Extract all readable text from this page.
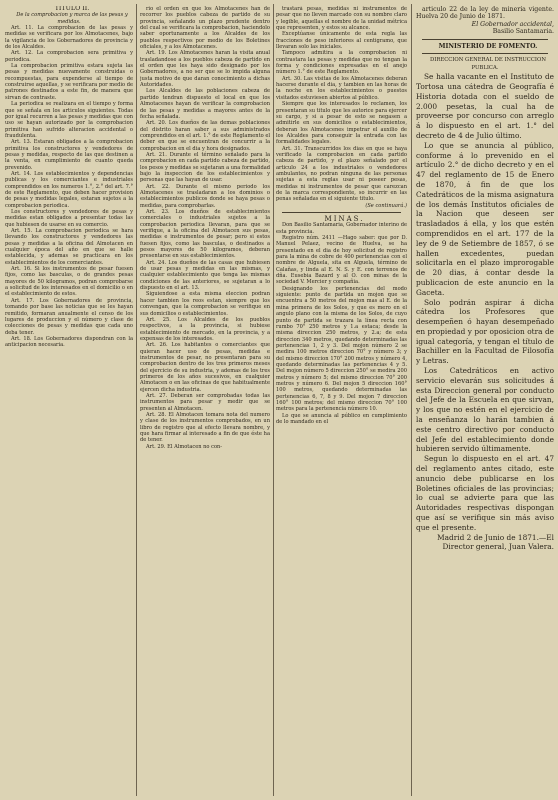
TITULO II.

De la comprobacion y marca de las pesas y medidas.

Art. 11. La comprobacion de las pesas y medidas se verificara por los Almotacenes, bajo la vigilancia de los Gobernadores de provincia y de los Alcaldes.

Art. 12. La comprobacion sera primitiva y periodica.

La comprobacion primitiva estara sujeta las pesas y medidas nuevamente construidas o recompuestas, para expenderse al tiempo de construirse aquellas, y se verificara por medio de patrones destinados a este fin, de manera que sirvan de contraste.

La periodica se realizara en el tiempo y forma que se señala en los articulos siguientes. Todas por igual recurren a las pesas y medidas que con uso se hayan autorizado por la comprobacion primitiva han sufrido alteracion accidental o fraudulenta.

Art. 13. Estaran obligados a la comprobacion primitiva los constructores y vendedores de pesas y medidas, respecto de las que destinen a la venta, en cumplimiento de cuanto queda prevenido.

Art. 14. Los establecimientos y dependencias publicas y los comerciantes e industriales comprendidos en los numeros 1.°, 2.° del art. 7.° de este Reglamento, que deben hacer provision de pesas y medidas legales, estaran sujetos a la comprobacion periodica.

Los constructores y vendedores de pesas y medidas estan obligados a presentar todas las que hubiesen de usarse en su comercio.

Art. 15. La comprobacion periodica se hara llevando los constructores y vendedores las pesas y medidas a la oficina del Almotacen en cualquier época del año en que se halle establecida, y ademas se practicara en los establecimientos de los comerciantes.

Art. 16. Si los instrumentos de pesar fuesen fijos, como las basculas, o de grandes pesas mayores de 50 kilogramos, podran comprobarse a solicitud de los interesados en el domicilio o en el establecimiento de estos.

Art. 17. Los Gobernadores de provincia, tomando por base las noticias que se les hayan remitido, formaran anualmente el censo de los lugares de produccion y el número y clase de colecciones de pesas y medidas que cada uno deba tener.

Art. 18. Los Gobernadores dispondran con la anticipacion necesaria.

rio el orden en que los Almotacenes han de recorrer los pueblos cabeza de partido de su provincia, señalando un plazo prudente dentro del cual se verificara la comprobacion, haciendolo saber oportunamente a los Alcaldes de los pueblos respectivos por medio de los Boletines oficiales, y a los Almotacenes.

Art. 19. Los Almotacenes haran la visita anual trasladandose a los pueblos cabeza de partido en el orden que les haya sido designado por los Gobernadores, a no ser que se lo impida alguna justa motivo de que daran conocimiento a dichas Autoridades.

Los Alcaldes de las poblaciones cabeza de partido tendran dispuesto el local en que los Almotacenes hayan de verificar la comprobacion de las pesas y medidas a mayores antes de la fecha señalada.

Art. 20. Los dueños de las demas poblaciones del distrito haran saber a sus administrados comprendidos en el art. 1.° de este Reglamento el deber en que se encuentran de concurrir a la comprobacion en el dia y hora designados.

Art. 21. Durante el término señalado para la comprobacion en cada partido cabeza de partido, los pesos y medidas se sujetaran a una formalidad bajo la inspeccion de los establecimientos y personas que las hayan de usar.

Art. 22. Durante el mismo periodo los Almotacenes se trasladaran a los dominios o establecimientos publicos donde se haya pesas o medidas, para comprobarlas.

Art. 23. Los dueños de establecimientos comerciales o industriales sujetos a la comprobacion periodica llevaran, para que se verifique, a la oficina del Almotacen sus pesas, medidas e instrumentos de pesar; pero si estos fuesen fijos, como las basculas, o destinados a pesos mayores de 50 kilogramos, deberan presentarse en sus establecimientos.

Art. 24. Los dueños de las casas que hubiesen de usar pesas y medidas en las mismas, y cualquier establecimiento que tenga las mismas condiciones de las anteriores, se sujetaran a lo dispuesto en el art. 13.

Siguiendose a esta misma eleccion podran hacer tambien los reos estan, siempre que los convengan, que la comprobacion se verifique en sus domicilios o establecimientos.

Art. 25. Los Alcaldes de los pueblos respectivos, a la provincia, si hubiese establecimiento de mercado, en la provincia, y a expensas de los interesados.

Art. 26. Los habitantes o comerciantes que quieran hacer uso de pesas, medidas e instrumentos de pesar, no presentaran para su comprobacion dentro de los tres primeros meses del ejercicio de su industria, y ademas de los tres primeros de los años sucesivos, en cualquier Almotacen o en las oficinas de que habitualmente ejercen dicha industria.

Art. 27. Deberan ser comprobadas todas las instrumentos para pesar y medir que se presenten al Almotacen.

Art. 28. El Almotacen tomara nota del numero y clase de los instrumentos comprobados, en un libro de registro que al efecto llevara nombre, y que hara firmar al interesado a fin de que éste ha de tener.

Art. 29. El Almotacen no con-

trastará pesas, medidas ni instrumentos de pesar que no lleven marcado con su nombre claro y legible, aquellas el nombre de la unidad métrica que representen, y estos su alcance.

Exceptúanse únicamente de esta regla las fracciones de peso inferiores al centigramo, que llevaran solo las iniciales.

Tampoco admitira a la comprobacion ni contrastara las pesas y medidas que no tengan la forma y condiciones expresadas en el anejo número 1.° de este Reglamento.

Art. 30. Las visitas de los Almotacenes deberan hacerse durante el dia, y tambien en las horas de la noche en los establecimientos o puestos visitados estuviesen abiertos al público.

Siempre que los interesados lo reclamen, los presentaran su titulo que les autorice para ejercer su cargo, y si a pesar de esto se negasen a admitirle en sus domicilios o establecimientos, deberan los Almotacenes impetrar el auxilio de los Alcaldes para conseguir la entrada con las formalidades legales.

Art. 31. Transcurridos los dias en que se haya verificado la comprobacion en cada partido cabeza de partido, y el plazo señalado por el articulo 24 a los industriales o vendedores ambulantes, no podran ninguna de las personas sujetas a esta reglas usar ni poseer pesas, medidas ni instrumentos de pesar que carezcan de la marca correspondiente, so incurrir en las penas señaladas en el siguiente titulo.

(Se continuará.)

MINAS.

Don Basilio Santamaria, Gobernador interino de esta provincia.

Registro núm. 2411 —Hago saber: que por D. Manuel Pelaez, vecino de Huelva, se ha presentado en el dia de hoy solicitud de registro para la mina de cobre de 400 pertenencias con el nombre de Alguela, sita en Alguela, término de Calañas, y linda al E. N. S. y E. con terrenos de dña. Eusebia Bazard y al O. con minas de la sociedad V. Mercier y compañia.

Designando los pertenencias del modo siguiente: punto de partida un mojon que se encuentra a 50 metros del mojon mas al E. de la mina primera de los Solos, y que es mero en el angulo plano con la misma de los Solos, de cuyo punto de partida se trazara la línea recta con rumbo 70° 250 metros y 1.a estaca; desde la misma direccion 250 metros, y 2.a; de esta direccion 340 metros, quedando determinadas las pertenencias 1, 2 y 3. Del mojon número 2 se medira 100 metros direccion 70° y número 3; y del mismo direccion 170° 200 metros y número 4, quedando determinadas las pertenencias 4 y 5. Del mojon número 5 direccion 250° se medira 200 metros y número 5; del mismo direccion 70° 200 metros y número 6. Del mojon 5 direccion 160° 100 metros, quedando determinadas las pertenencias 6, 7, 8 y 9. Del mojon 7 direccion 160° 100 metros; del mismo direccion 70° 100 metros para la pertenencia número 10.

Lo que se anuncia al público en cumplimiento de lo mandado en el

articulo 22 de la ley de minería vigente. Huelva 20 de Junio de 1871.

El Gobernador accidental,

Basilio Santamaria.

MINISTERIO DE FOMENTO.

DIRECCION GENERAL DE INSTRUCCION PUBLICA.

Se halla vacante en el Instituto de Tortosa una cátedra de Geografía é Historia dotada con el sueldo de 2.000 pesetas, la cual ha de proveerse por concurso con arreglo á lo dispuesto en el art. 1.° del decreto de 4 de Julio último.

Lo que se anuncia al público, conforme á lo prevenido en el artículo 2.° de dicho decreto y en el 47 del reglamento de 15 de Enero de 1870, á fin de que los Catedráticos de la misma asignatura de los demás Institutos oficiales de la Nacion que deseen ser trasladados á ella, y los que estén comprendidos en el art. 177 de la ley de 9 de Setiembre de 1857, ó se hallen excedentes, puedan solicitarla en el plazo improrogable de 20 dias, á contar desde la publicacion de este anuncio en la Gaceta.

Solo podrán aspirar á dicha cátedra los Profesores que desempeñen ó hayan desempeñado en propiedad y por oposicion otra de igual categoría, y tengan el título de Bachiller en la Facultad de Filosofía y Letras.

Los Catedráticos en activo servicio elevarán sus solicitudes á esta Direccion general por conducto del Jefe de la Escuela en que sirvan, y los que no estén en el ejercicio de la enseñanza lo harán tambien á este centro directivo por conducto del Jefe del establecimiento donde hubieren servido últimamente.

Segun lo dispuesto en el art. 47 del reglamento antes citado, este anuncio debe publicarse en los Boletines oficiales de las provincias; lo cual se advierte para que las Autoridades respectivas dispongan que así se verifique sin más aviso que el presente.

Madrid 2 de Junio de 1871.—El Director general, Juan Valera.
